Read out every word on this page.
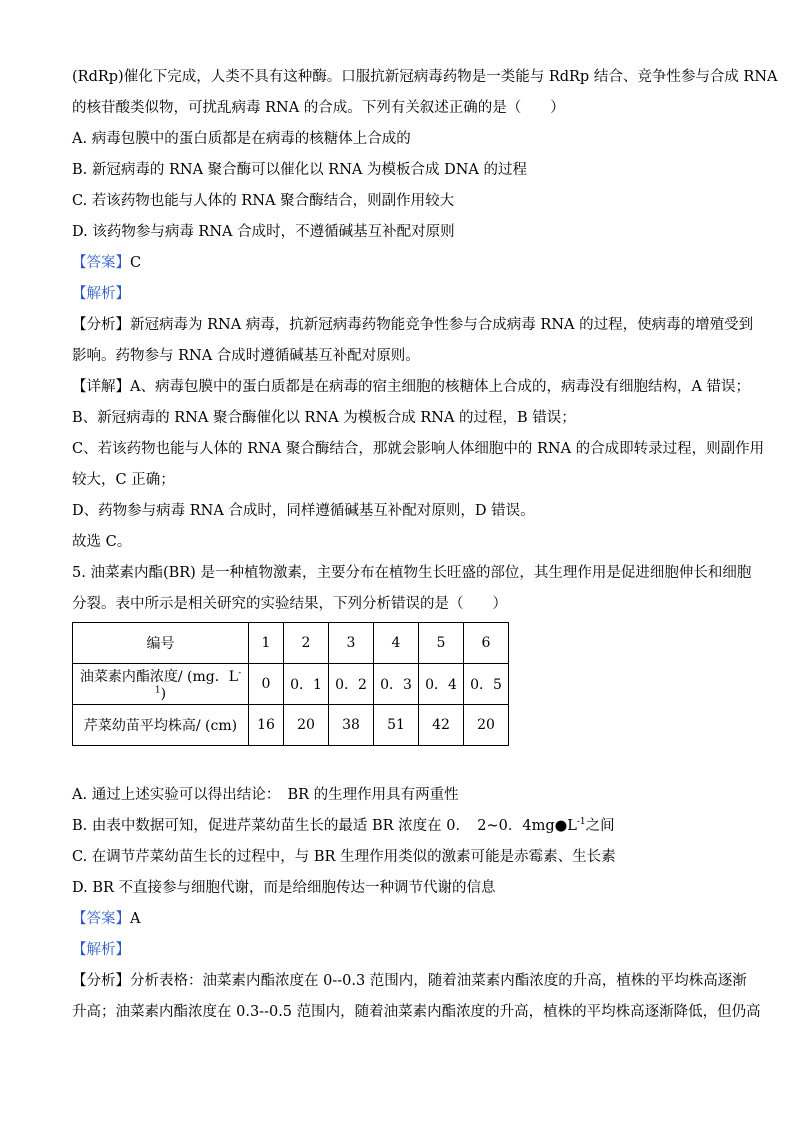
(RdRp)催化下完成，人类不具有这种酶。口服抗新冠病毒药物是一类能与 RdRp 结合、竞争性参与合成 RNA
的核苷酸类似物，可扰乱病毒 RNA 的合成。下列有关叙述正确的是（　　）
A. 病毒包膜中的蛋白质都是在病毒的核糖体上合成的
B. 新冠病毒的 RNA 聚合酶可以催化以 RNA 为模板合成 DNA 的过程
C. 若该药物也能与人体的 RNA 聚合酶结合，则副作用较大
D. 该药物参与病毒 RNA 合成时，不遵循碱基互补配对原则
【答案】C
【解析】
【分析】新冠病毒为 RNA 病毒，抗新冠病毒药物能竞争性参与合成病毒 RNA 的过程，使病毒的增殖受到
影响。药物参与 RNA 合成时遵循碱基互补配对原则。
【详解】A、病毒包膜中的蛋白质都是在病毒的宿主细胞的核糖体上合成的，病毒没有细胞结构，A 错误；
B、新冠病毒的 RNA 聚合酶催化以 RNA 为模板合成 RNA 的过程，B 错误；
C、若该药物也能与人体的 RNA 聚合酶结合，那就会影响人体细胞中的 RNA 的合成即转录过程，则副作用
较大，C 正确；
D、药物参与病毒 RNA 合成时，同样遵循碱基互补配对原则，D 错误。
故选 C。
5. 油菜素内酯(BR) 是一种植物激素，主要分布在植物生长旺盛的部位，其生理作用是促进细胞伸长和细胞
分裂。表中所示是相关研究的实验结果，下列分析错误的是（　　）
编号	1	2	3	4	5	6
油菜素内酯浓度/ (mg．$L^{-1}$)	0	0．1	0．2	0．3	0．4	0．5
芹菜幼苗平均株高/ (cm)	16	20	38	51	42	20
A. 通过上述实验可以得出结论：　BR 的生理作用具有两重性
B. 由表中数据可知，促进芹菜幼苗生长的最适 BR 浓度在 0．　2~0．$4mg●L^{-1}$之间
C. 在调节芹菜幼苗生长的过程中，与 BR 生理作用类似的激素可能是赤霉素、生长素
D. BR 不直接参与细胞代谢，而是给细胞传达一种调节代谢的信息
【答案】A
【解析】
【分析】分析表格：油菜素内酯浓度在 0--0.3 范围内，随着油菜素内酯浓度的升高，植株的平均株高逐渐
升高；油菜素内酯浓度在 0.3--0.5 范围内，随着油菜素内酯浓度的升高，植株的平均株高逐渐降低，但仍高
